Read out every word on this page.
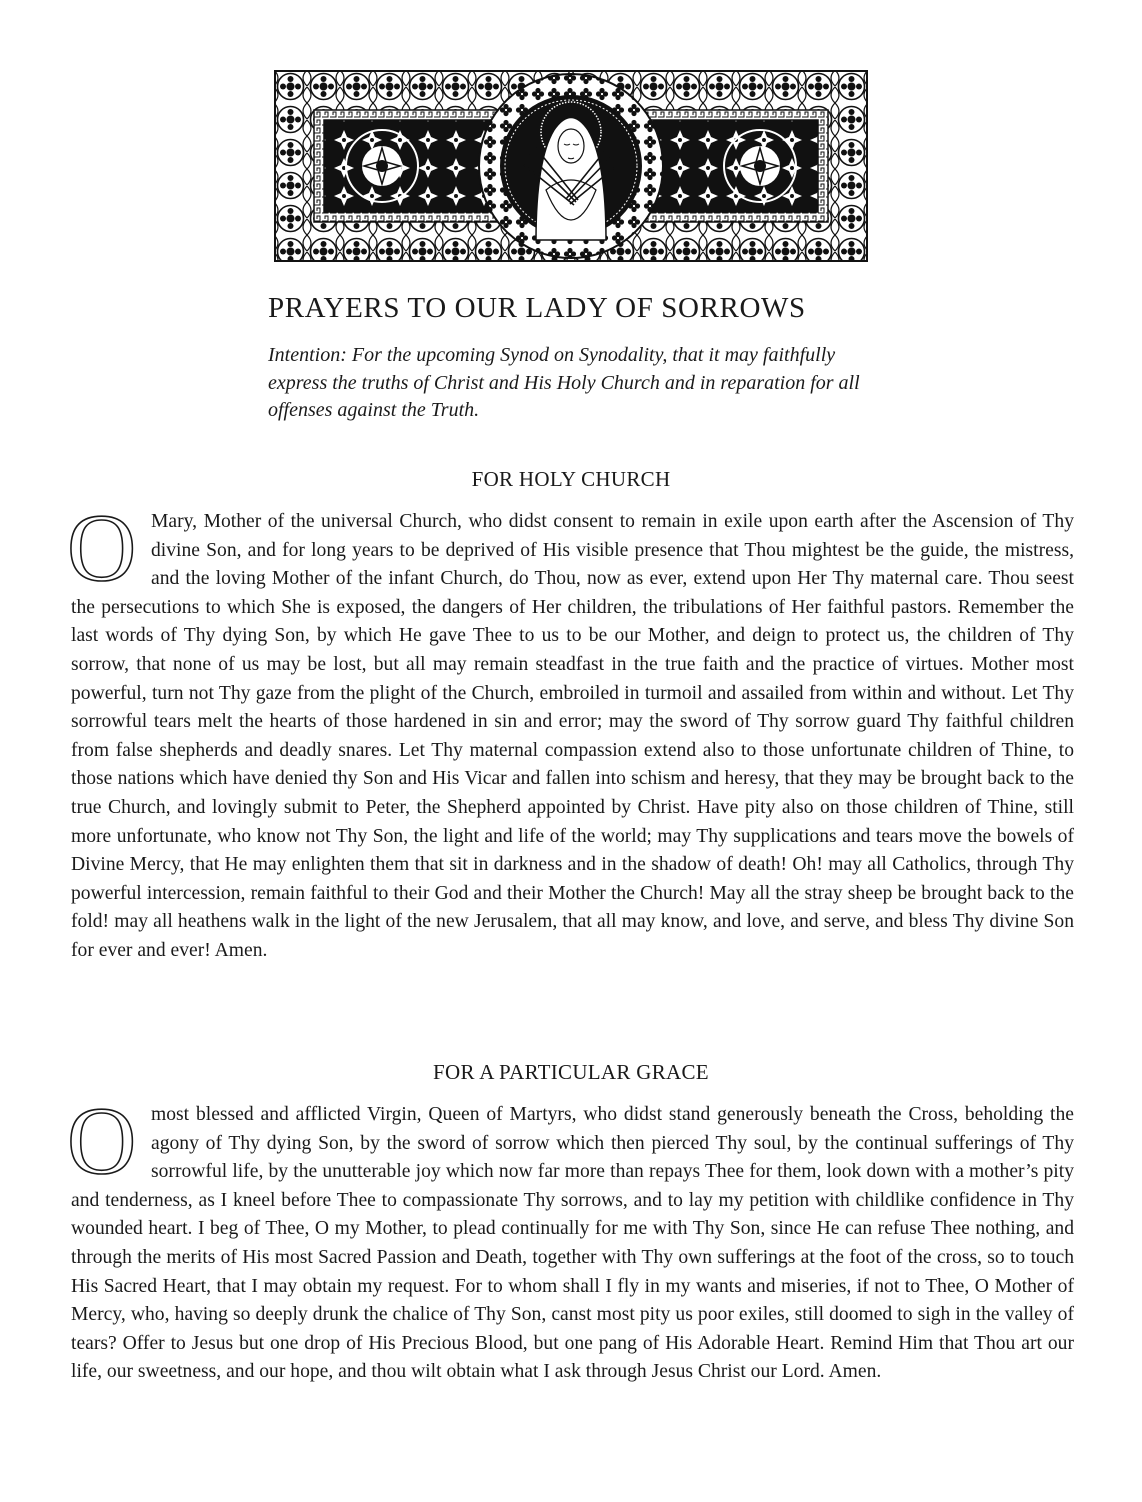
PRAYERS TO OUR LADY OF SORROWS

Intention: For the upcoming Synod on Synodality, that it may faithfully express the truths of Christ and His Holy Church and in reparation for all offenses against the Truth.

FOR HOLY CHURCH

O Mary, Mother of the universal Church, who didst consent to remain in exile upon earth after the Ascension of Thy divine Son, and for long years to be deprived of His visible presence that Thou mightest be the guide, the mistress, and the loving Mother of the infant Church, do Thou, now as ever, extend upon Her Thy maternal care. Thou seest the persecutions to which She is exposed, the dangers of Her children, the tribulations of Her faithful pastors. Remember the last words of Thy dying Son, by which He gave Thee to us to be our Mother, and deign to protect us, the children of Thy sorrow, that none of us may be lost, but all may remain steadfast in the true faith and the practice of virtues. Mother most powerful, turn not Thy gaze from the plight of the Church, embroiled in turmoil and assailed from within and without. Let Thy sorrowful tears melt the hearts of those hardened in sin and error; may the sword of Thy sorrow guard Thy faithful children from false shepherds and deadly snares. Let Thy maternal compassion extend also to those unfortunate children of Thine, to those nations which have denied thy Son and His Vicar and fallen into schism and heresy, that they may be brought back to the true Church, and lovingly submit to Peter, the Shepherd appointed by Christ. Have pity also on those children of Thine, still more unfortunate, who know not Thy Son, the light and life of the world; may Thy supplications and tears move the bowels of Divine Mercy, that He may enlighten them that sit in darkness and in the shadow of death! Oh! may all Catholics, through Thy powerful intercession, remain faithful to their God and their Mother the Church! May all the stray sheep be brought back to the fold! may all heathens walk in the light of the new Jerusalem, that all may know, and love, and serve, and bless Thy divine Son for ever and ever! Amen.

FOR A PARTICULAR GRACE

Omost blessed and afflicted Virgin, Queen of Martyrs, who didst stand generously beneath the Cross, beholding the agony of Thy dying Son, by the sword of sorrow which then pierced Thy soul, by the continual sufferings of Thy sorrowful life, by the unutterable joy which now far more than repays Thee for them, look down with a mother’s pity and tenderness, as I kneel before Thee to compassionate Thy sorrows, and to lay my petition with childlike confidence in Thy wounded heart. I beg of Thee, O my Mother, to plead continually for me with Thy Son, since He can refuse Thee nothing, and through the merits of His most Sacred Passion and Death, together with Thy own sufferings at the foot of the cross, so to touch His Sacred Heart, that I may obtain my request. For to whom shall I fly in my wants and miseries, if not to Thee, O Mother of Mercy, who, having so deeply drunk the chalice of Thy Son, canst most pity us poor exiles, still doomed to sigh in the valley of tears? Offer to Jesus but one drop of His Precious Blood, but one pang of His Adorable Heart. Remind Him that Thou art our life, our sweetness, and our hope, and thou wilt obtain what I ask through Jesus Christ our Lord. Amen.
